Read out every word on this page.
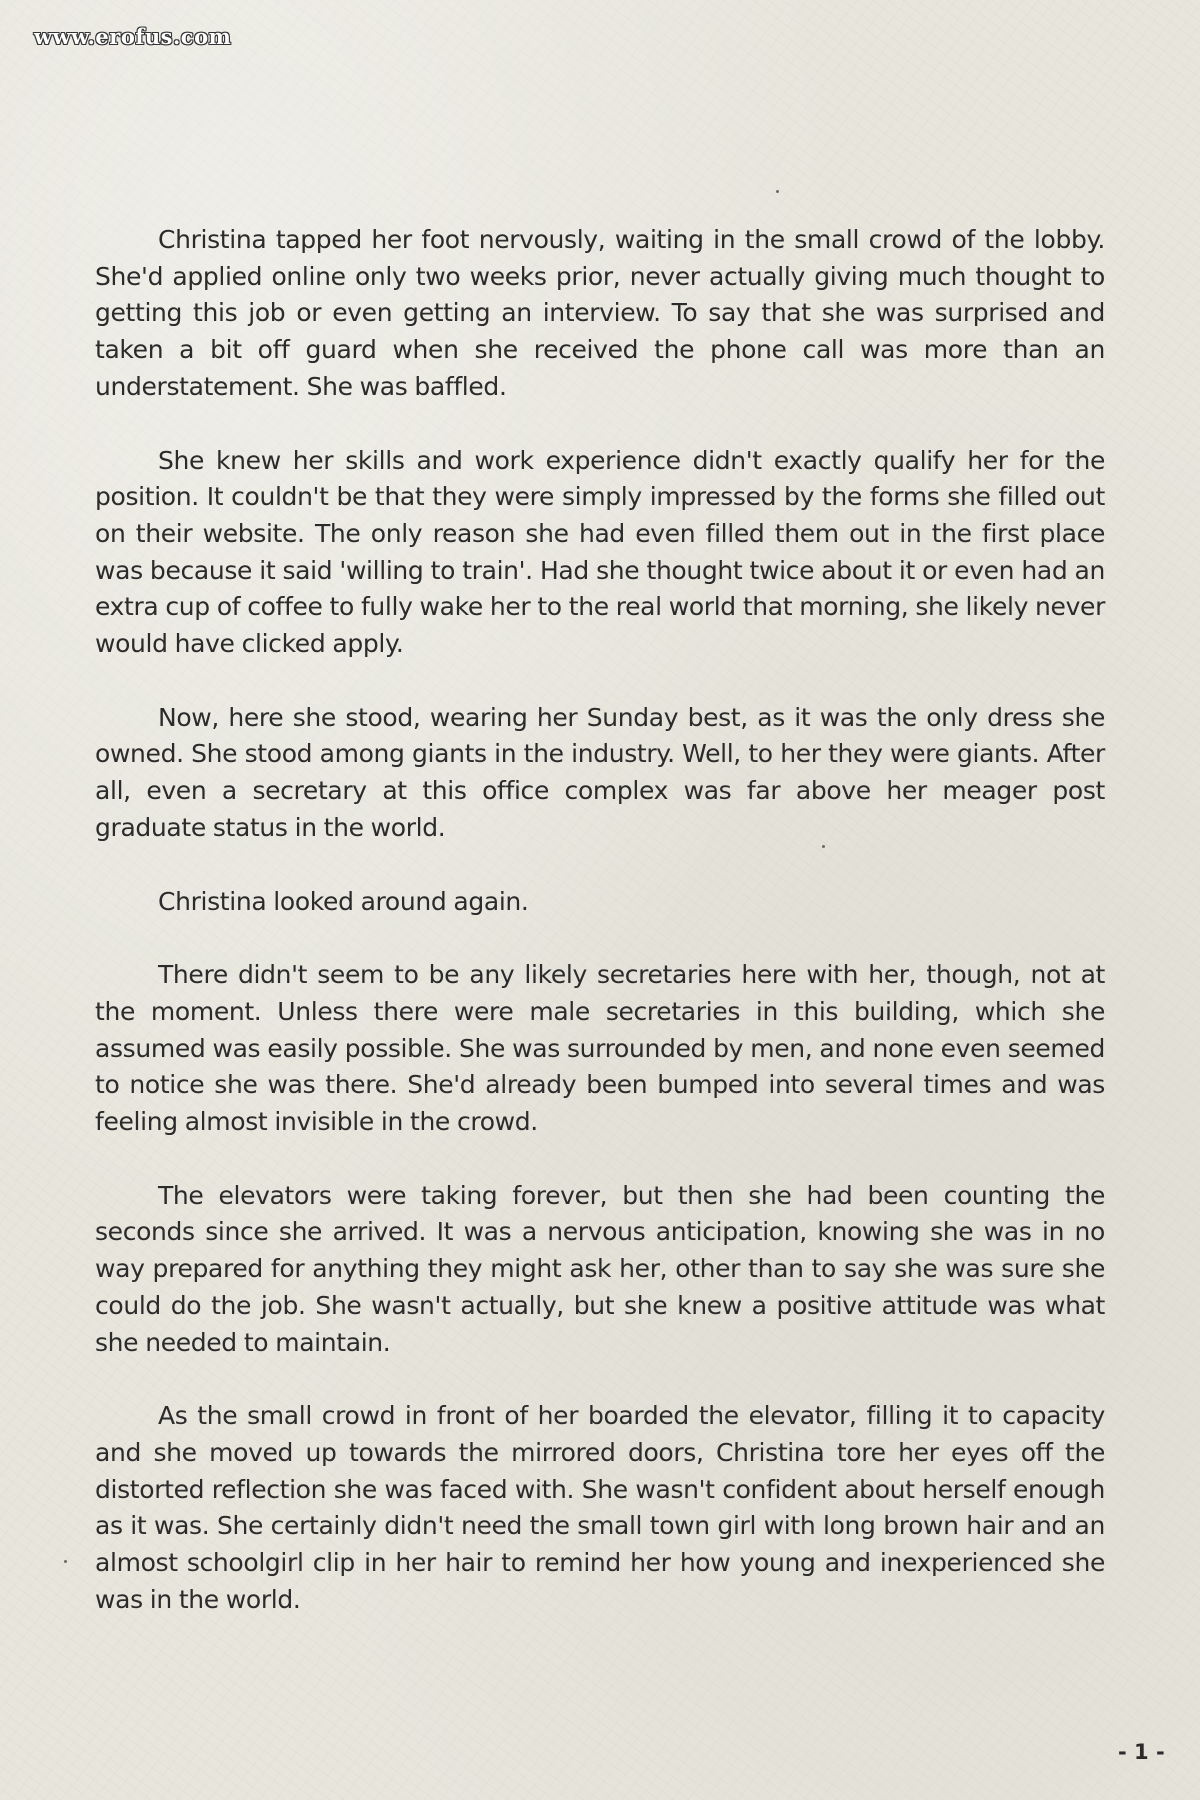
www.erofus.com

Christina tapped her foot nervously, waiting in the small crowd of the lobby. She'd applied online only two weeks prior, never actually giving much thought to getting this job or even getting an interview. To say that she was surprised and taken a bit off guard when she received the phone call was more than an understatement. She was baffled.

She knew her skills and work experience didn't exactly qualify her for the position. It couldn't be that they were simply impressed by the forms she filled out on their website. The only reason she had even filled them out in the first place was because it said 'willing to train'. Had she thought twice about it or even had an extra cup of coffee to fully wake her to the real world that morning, she likely never would have clicked apply.

Now, here she stood, wearing her Sunday best, as it was the only dress she owned. She stood among giants in the industry. Well, to her they were giants. After all, even a secretary at this office complex was far above her meager post graduate status in the world.

Christina looked around again.

There didn't seem to be any likely secretaries here with her, though, not at the moment. Unless there were male secretaries in this building, which she assumed was easily possible. She was surrounded by men, and none even seemed to notice she was there. She'd already been bumped into several times and was feeling almost invisible in the crowd.

The elevators were taking forever, but then she had been counting the seconds since she arrived. It was a nervous anticipation, knowing she was in no way prepared for anything they might ask her, other than to say she was sure she could do the job. She wasn't actually, but she knew a positive attitude was what she needed to maintain.

As the small crowd in front of her boarded the elevator, filling it to capacity and she moved up towards the mirrored doors, Christina tore her eyes off the distorted reflection she was faced with. She wasn't confident about herself enough as it was. She certainly didn't need the small town girl with long brown hair and an almost schoolgirl clip in her hair to remind her how young and inexperienced she was in the world.

- 1 -
